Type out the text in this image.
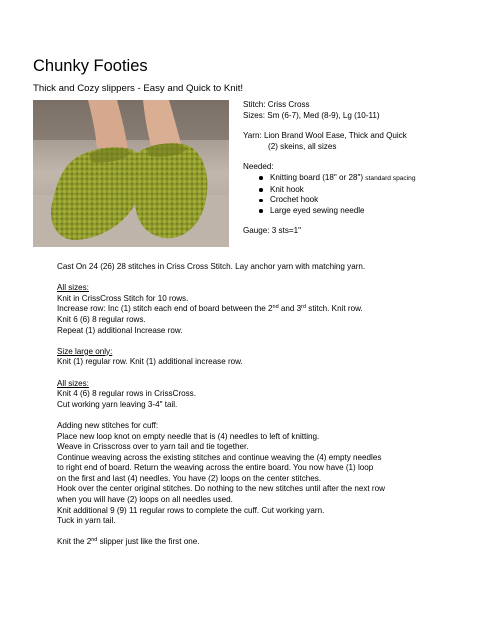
Chunky Footies

Thick and Cozy slippers - Easy and Quick to Knit!

Stitch: Criss Cross

Sizes: Sm (6-7), Med (8-9), Lg (10-11)

Yarn: Lion Brand Wool Ease, Thick and Quick

(2) skeins, all sizes

Needed:

Knitting board (18" or 28") standard spacing
Knit hook
Crochet hook
Large eyed sewing needle

Gauge: 3 sts=1"

Cast On 24 (26) 28 stitches in Criss Cross Stitch. Lay anchor yarn with matching yarn.

All sizes:

Knit in CrissCross Stitch for 10 rows.

Increase row: Inc (1) stitch each end of board between the 2nd and 3rd stitch. Knit row.

Knit 6 (6) 8 regular rows.

Repeat (1) additional Increase row.

Size large only:

Knit (1) regular row. Knit (1) additional increase row.

All sizes:

Knit 4 (6) 8 regular rows in CrissCross.

Cut working yarn leaving 3-4" tail.

Adding new stitches for cuff:

Place new loop knot on empty needle that is (4) needles to left of knitting.

Weave in Crisscross over to yarn tail and tie together.

Continue weaving across the existing stitches and continue weaving the (4) empty needles

to right end of board. Return the weaving across the entire board. You now have (1) loop

on the first and last (4) needles. You have (2) loops on the center stitches.

Hook over the center original stitches. Do nothing to the new stitches until after the next row

when you will have (2) loops on all needles used.

Knit additional 9 (9) 11 regular rows to complete the cuff. Cut working yarn.

Tuck in yarn tail.

Knit the 2nd slipper just like the first one.
